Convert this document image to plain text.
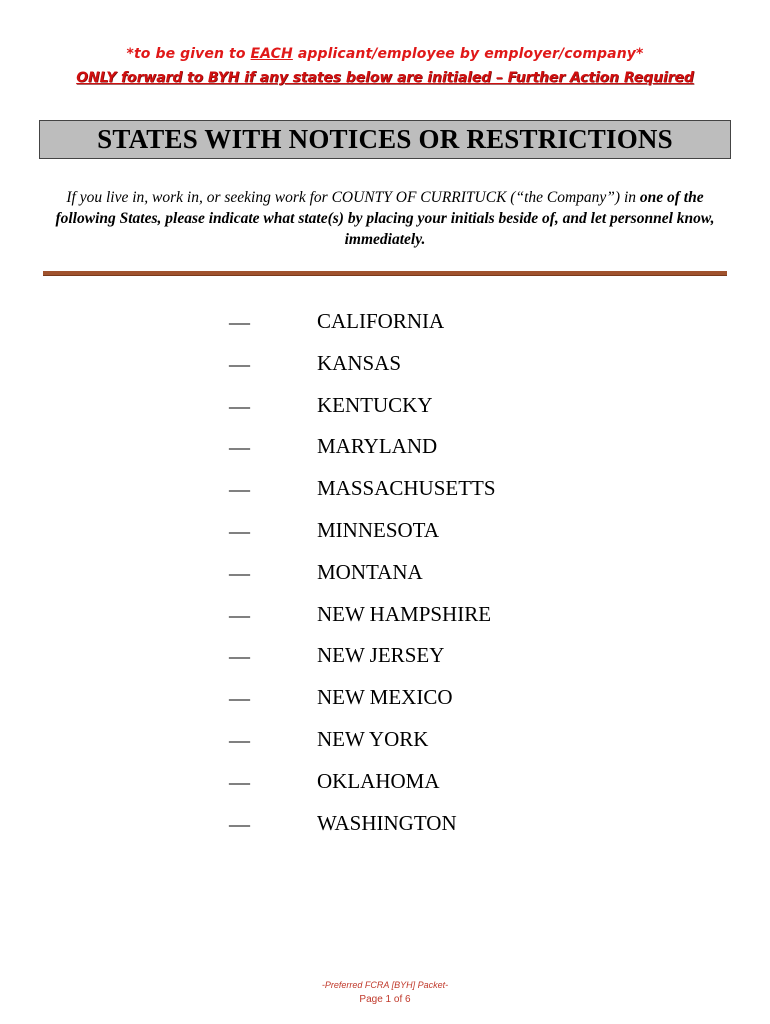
*to be given to EACH applicant/employee by employer/company*
ONLY forward to BYH if any states below are initialed – Further Action Required
STATES WITH NOTICES OR RESTRICTIONS
If you live in, work in, or seeking work for COUNTY OF CURRITUCK (“the Company”) in one of the following States, please indicate what state(s) by placing your initials beside of, and let personnel know, immediately.
—	CALIFORNIA
—	KANSAS
—	KENTUCKY
—	MARYLAND
—	MASSACHUSETTS
—	MINNESOTA
—	MONTANA
—	NEW HAMPSHIRE
—	NEW JERSEY
—	NEW MEXICO
—	NEW YORK
—	OKLAHOMA
—	WASHINGTON
-Preferred FCRA [BYH] Packet-
Page 1 of 6
